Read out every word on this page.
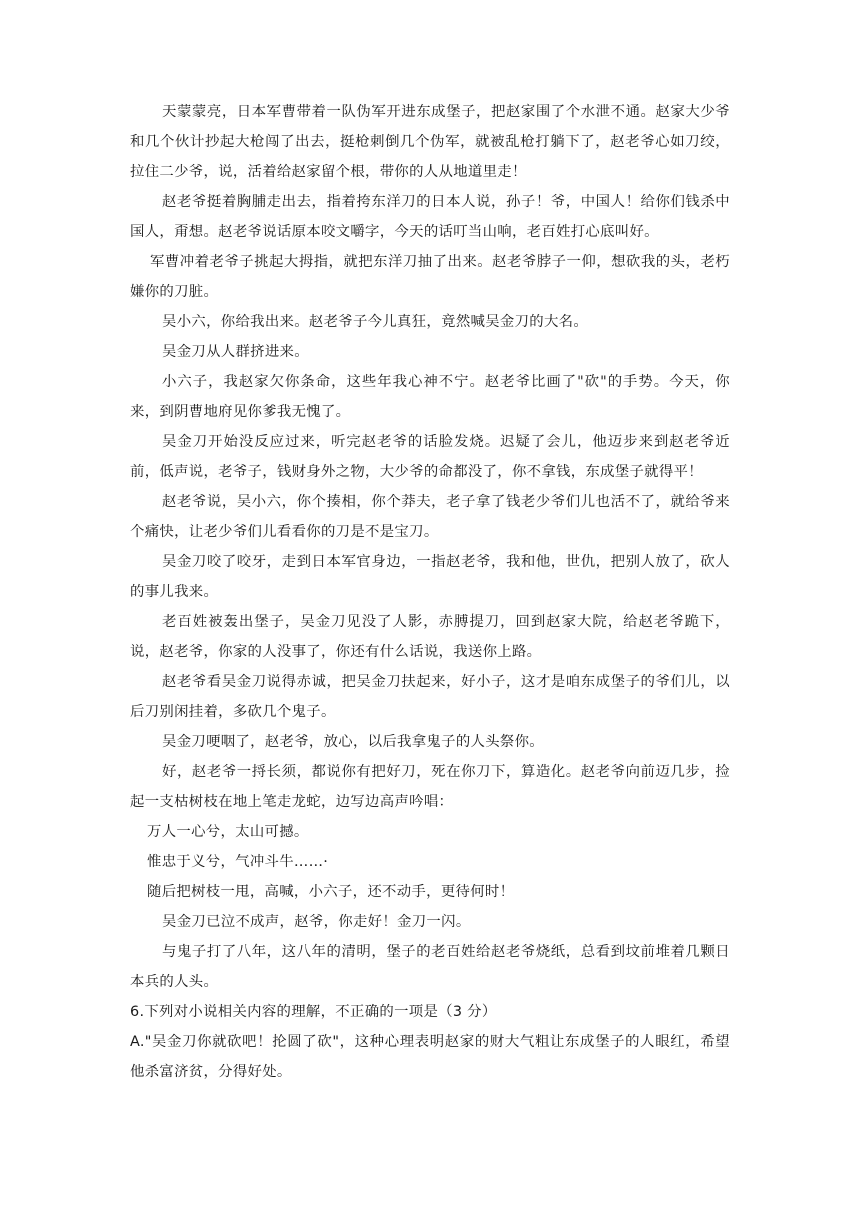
天蒙蒙亮，日本军曹带着一队伪军开进东成堡子，把赵家围了个水泄不通。赵家大少爷和几个伙计抄起大枪闯了出去，挺枪刺倒几个伪军，就被乱枪打躺下了，赵老爷心如刀绞，拉住二少爷，说，活着给赵家留个根，带你的人从地道里走！

赵老爷挺着胸脯走出去，指着挎东洋刀的日本人说，孙子！爷，中国人！给你们钱杀中国人，甭想。赵老爷说话原本咬文嚼字，今天的话叮当山响，老百姓打心底叫好。

军曹冲着老爷子挑起大拇指，就把东洋刀抽了出来。赵老爷脖子一仰，想砍我的头，老朽嫌你的刀脏。

吴小六，你给我出来。赵老爷子今儿真狂，竟然喊吴金刀的大名。

吴金刀从人群挤进来。

小六子，我赵家欠你条命，这些年我心神不宁。赵老爷比画了"砍"的手势。今天，你来，到阴曹地府见你爹我无愧了。

吴金刀开始没反应过来，听完赵老爷的话脸发烧。迟疑了会儿，他迈步来到赵老爷近前，低声说，老爷子，钱财身外之物，大少爷的命都没了，你不拿钱，东成堡子就得平！

赵老爷说，吴小六，你个揍相，你个莽夫，老子拿了钱老少爷们儿也活不了，就给爷来个痛快，让老少爷们儿看看你的刀是不是宝刀。

吴金刀咬了咬牙，走到日本军官身边，一指赵老爷，我和他，世仇，把别人放了，砍人的事儿我来。

老百姓被轰出堡子，吴金刀见没了人影，赤膊提刀，回到赵家大院，给赵老爷跪下，说，赵老爷，你家的人没事了，你还有什么话说，我送你上路。

赵老爷看吴金刀说得赤诚，把吴金刀扶起来，好小子，这才是咱东成堡子的爷们儿，以后刀别闲挂着，多砍几个鬼子。

吴金刀哽咽了，赵老爷，放心，以后我拿鬼子的人头祭你。

好，赵老爷一捋长须，都说你有把好刀，死在你刀下，算造化。赵老爷向前迈几步，捡起一支枯树枝在地上笔走龙蛇，边写边高声吟唱：

万人一心兮，太山可撼。

惟忠于义兮，气冲斗牛……·

随后把树枝一甩，高喊，小六子，还不动手，更待何时！

吴金刀已泣不成声，赵爷，你走好！金刀一闪。

与鬼子打了八年，这八年的清明，堡子的老百姓给赵老爷烧纸，总看到坟前堆着几颗日本兵的人头。

6.下列对小说相关内容的理解，不正确的一项是（3 分）

A."吴金刀你就砍吧！抡圆了砍"，这种心理表明赵家的财大气粗让东成堡子的人眼红，希望他杀富济贫，分得好处。
